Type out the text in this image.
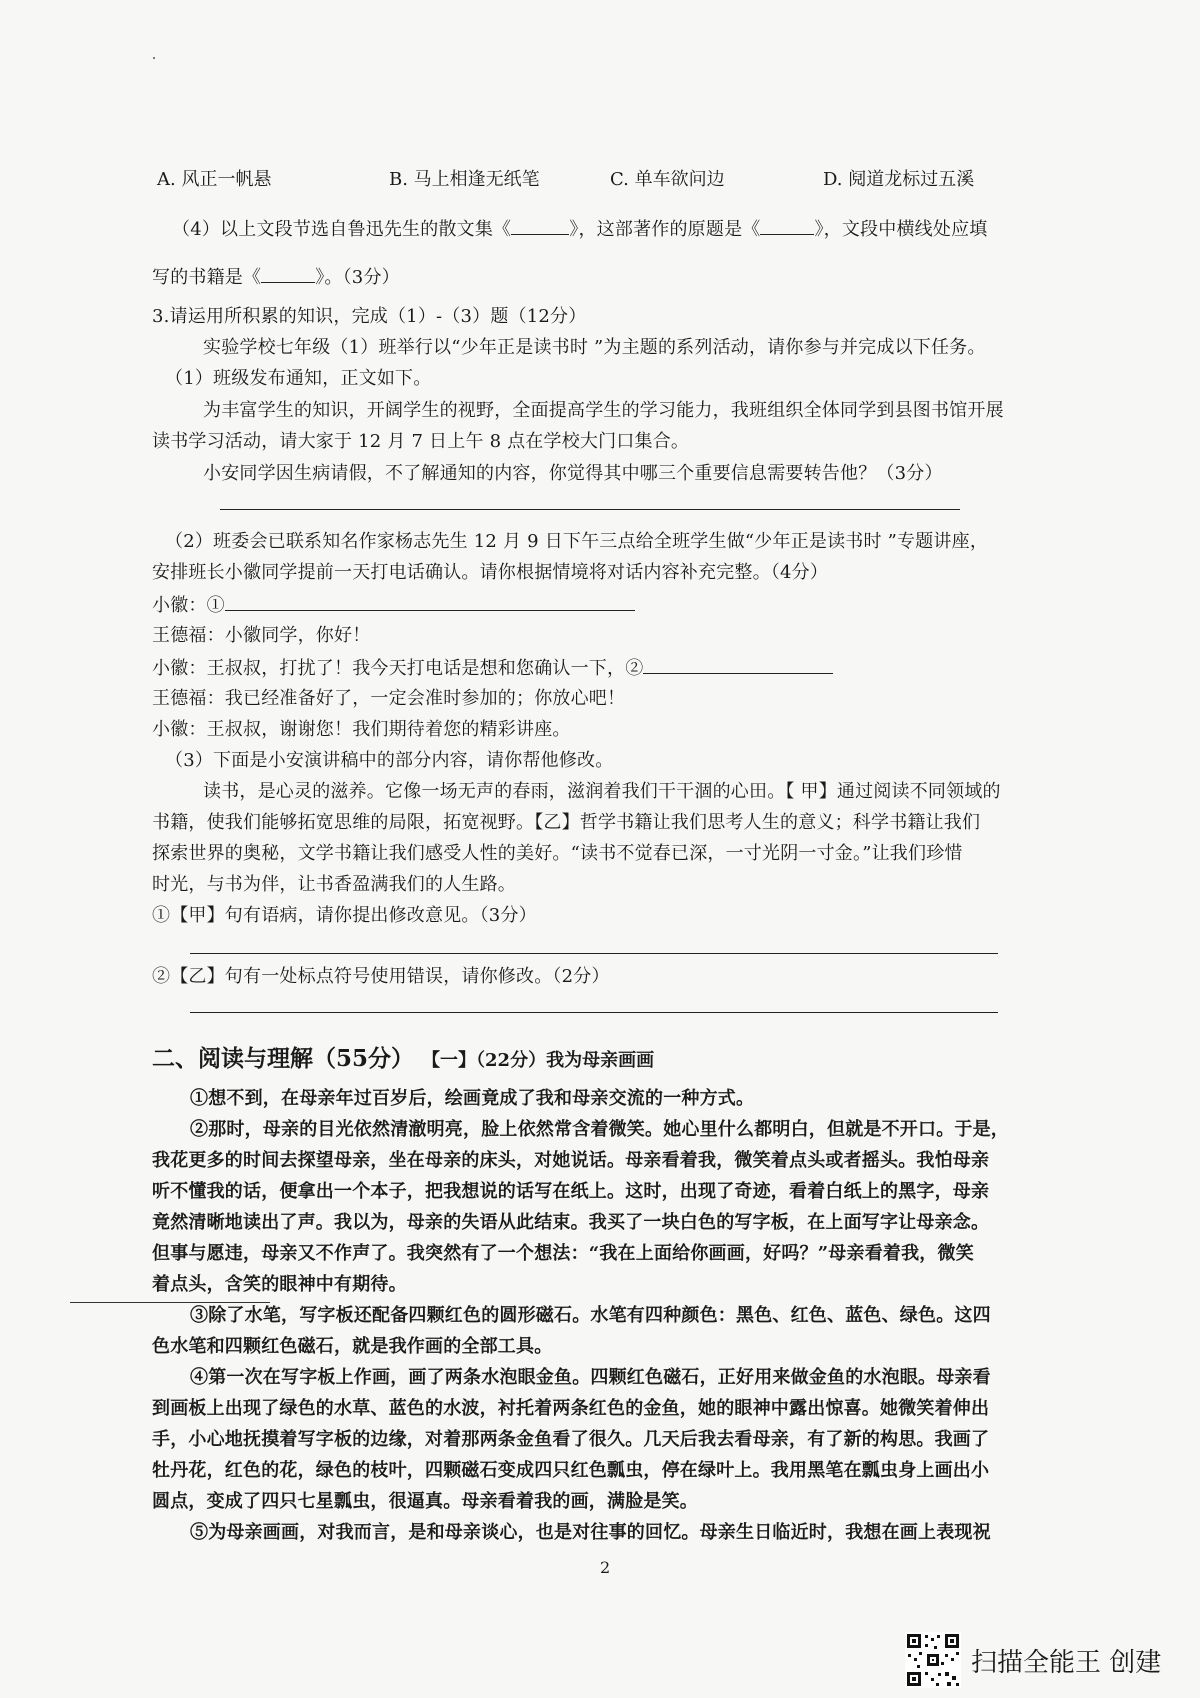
A. 风正一帆悬	B. 马上相逢无纸笔	C. 单车欲问边	D. 阋道龙标过五溪
（4）以上文段节选自鲁迅先生的散文集《	》，这部著作的原题是《	》，文段中横线处应填
写的书籍是《	》。（3分）
3.请运用所积累的知识，完成（1）-（3）题（12分）
实验学校七年级（1）班举行以“少年正是读书时 ”为主题的系列活动，请你参与并完成以下任务。
（1）班级发布通知，正文如下。
为丰富学生的知识，开阔学生的视野，全面提高学生的学习能力，我班组织全体同学到县图书馆开展
读书学习活动，请大家于 12 月 7 日上午 8 点在学校大门口集合。
小安同学因生病请假，不了解通知的内容，你觉得其中哪三个重要信息需要转告他？（3分）
（2）班委会已联系知名作家杨志先生 12 月 9 日下午三点给全班学生做“少年正是读书时 ”专题讲座，
安排班长小徽同学提前一天打电话确认。请你根据情境将对话内容补充完整。（4分）
小徽：①
王德福：小徽同学，你好！
小徽：王叔叔，打扰了！我今天打电话是想和您确认一下，②
王德福：我已经准备好了，一定会准时参加的；你放心吧！
小徽：王叔叔，谢谢您！我们期待着您的精彩讲座。
（3）下面是小安演讲稿中的部分内容，请你帮他修改。
读书，是心灵的滋养。它像一场无声的春雨，滋润着我们干干涸的心田。【 甲】通过阅读不同领域的
书籍，使我们能够拓宽思维的局限，拓宽视野。【乙】哲学书籍让我们思考人生的意义；科学书籍让我们
探索世界的奥秘，文学书籍让我们感受人性的美好。“读书不觉春已深，一寸光阴一寸金。”让我们珍惜
时光，与书为伴，让书香盈满我们的人生路。
①【甲】句有语病，请你提出修改意见。（3分）
②【乙】句有一处标点符号使用错误，请你修改。（2分）
二、阅读与理解（55分） 【一】（22分）我为母亲画画
①想不到，在母亲年过百岁后，绘画竟成了我和母亲交流的一种方式。
②那时，母亲的目光依然清澈明亮，脸上依然常含着微笑。她心里什么都明白，但就是不开口。于是，
我花更多的时间去探望母亲，坐在母亲的床头，对她说话。母亲看着我，微笑着点头或者摇头。我怕母亲
听不懂我的话，便拿出一个本子，把我想说的话写在纸上。这时，出现了奇迹，看着白纸上的黑字，母亲
竟然清晰地读出了声。我以为，母亲的失语从此结束。我买了一块白色的写字板，在上面写字让母亲念。
但事与愿违，母亲又不作声了。我突然有了一个想法：“我在上面给你画画，好吗？”母亲看着我，微笑
着点头，含笑的眼神中有期待。
③除了水笔，写字板还配备四颗红色的圆形磁石。水笔有四种颜色：黑色、红色、蓝色、绿色。这四
色水笔和四颗红色磁石，就是我作画的全部工具。
④第一次在写字板上作画，画了两条水泡眼金鱼。四颗红色磁石，正好用来做金鱼的水泡眼。母亲看
到画板上出现了绿色的水草、蓝色的水波，衬托着两条红色的金鱼，她的眼神中露出惊喜。她微笑着伸出
手，小心地抚摸着写字板的边缘，对着那两条金鱼看了很久。几天后我去看母亲，有了新的构思。我画了
牡丹花，红色的花，绿色的枝叶，四颗磁石变成四只红色瓢虫，停在绿叶上。我用黑笔在瓢虫身上画出小
圆点，变成了四只七星瓢虫，很逼真。母亲看着我的画，满脸是笑。
⑤为母亲画画，对我而言，是和母亲谈心，也是对往事的回忆。母亲生日临近时，我想在画上表现祝
2
扫描全能王 创建
